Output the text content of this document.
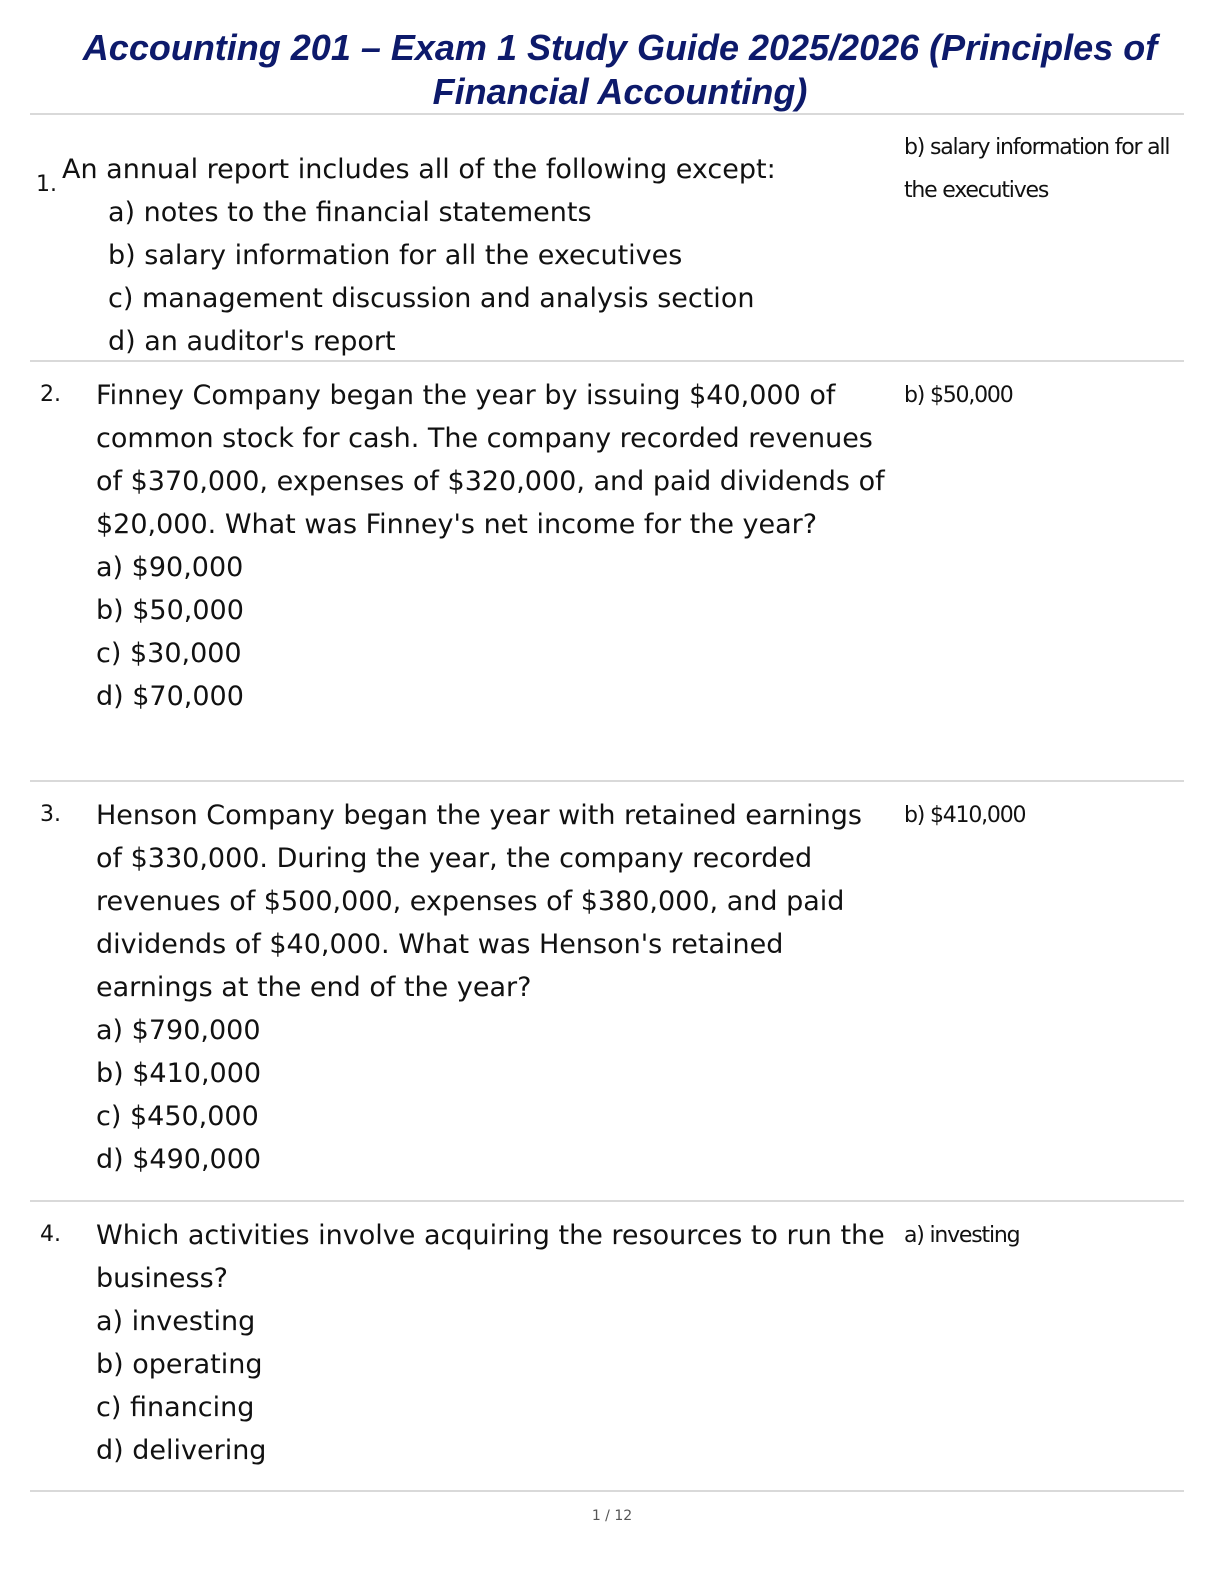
Accounting 201 – Exam 1 Study Guide 2025/2026 (Principles of Financial Accounting)
1. An annual report includes all of the following except:

a) notes to the financial statements

b) salary information for all the executives

c) management discussion and analysis section

d) an auditor's report

b) salary information for all the executives
2. Finney Company began the year by issuing $40,000 of common stock for cash. The company recorded revenues of $370,000, expenses of $320,000, and paid dividends of $20,000. What was Finney's net income for the year?

a) $90,000

b) $50,000

c) $30,000

d) $70,000

b) $50,000
3. Henson Company began the year with retained earnings of $330,000. During the year, the company recorded revenues of $500,000, expenses of $380,000, and paid dividends of $40,000. What was Henson's retained earnings at the end of the year?

a) $790,000

b) $410,000

c) $450,000

d) $490,000

b) $410,000
4. Which activities involve acquiring the resources to run the business?

a) investing

b) operating

c) financing

d) delivering

a) investing
1 / 12
